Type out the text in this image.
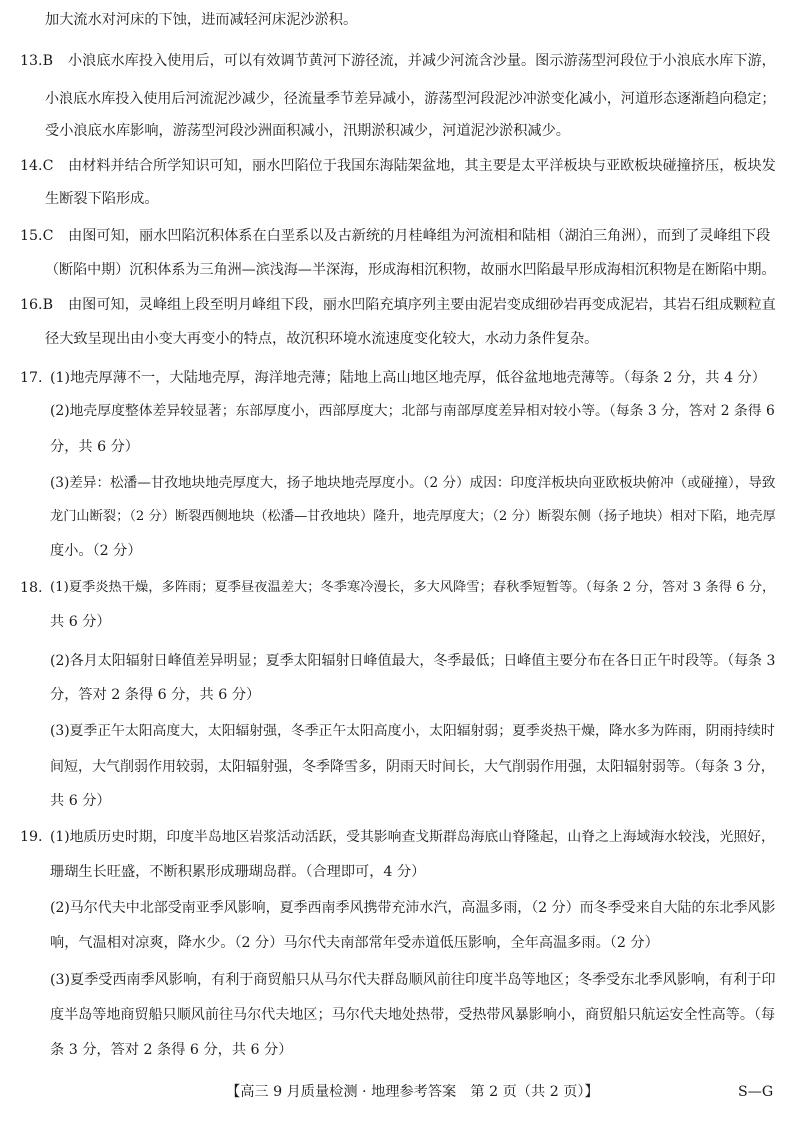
加大流水对河床的下蚀，进而减轻河床泥沙淤积。
13.B 小浪底水库投入使用后，可以有效调节黄河下游径流，并减少河流含沙量。图示游荡型河段位于小浪底水库下游，
小浪底水库投入使用后河流泥沙减少，径流量季节差异减小，游荡型河段泥沙冲淤变化减小，河道形态逐渐趋向稳定；
受小浪底水库影响，游荡型河段沙洲面积减小，汛期淤积减少，河道泥沙淤积减少。
14.C 由材料并结合所学知识可知，丽水凹陷位于我国东海陆架盆地，其主要是太平洋板块与亚欧板块碰撞挤压，板块发
生断裂下陷形成。
15.C 由图可知，丽水凹陷沉积体系在白垩系以及古新统的月桂峰组为河流相和陆相（湖泊三角洲），而到了灵峰组下段
（断陷中期）沉积体系为三角洲—滨浅海—半深海，形成海相沉积物，故丽水凹陷最早形成海相沉积物是在断陷中期。
16.B 由图可知，灵峰组上段至明月峰组下段，丽水凹陷充填序列主要由泥岩变成细砂岩再变成泥岩，其岩石组成颗粒直
径大致呈现出由小变大再变小的特点，故沉积环境水流速度变化较大，水动力条件复杂。
17. (1)地壳厚薄不一，大陆地壳厚，海洋地壳薄；陆地上高山地区地壳厚，低谷盆地地壳薄等。（每条 2 分，共 4 分）
(2)地壳厚度整体差异较显著；东部厚度小，西部厚度大；北部与南部厚度差异相对较小等。（每条 3 分，答对 2 条得 6
分，共 6 分）
(3)差异：松潘—甘孜地块地壳厚度大，扬子地块地壳厚度小。（2 分）成因：印度洋板块向亚欧板块俯冲（或碰撞），导致
龙门山断裂；（2 分）断裂西侧地块（松潘—甘孜地块）隆升，地壳厚度大；（2 分）断裂东侧（扬子地块）相对下陷，地壳厚
度小。（2 分）
18. (1)夏季炎热干燥，多阵雨；夏季昼夜温差大；冬季寒冷漫长，多大风降雪；春秋季短暂等。（每条 2 分，答对 3 条得 6 分，
共 6 分）
(2)各月太阳辐射日峰值差异明显；夏季太阳辐射日峰值最大，冬季最低；日峰值主要分布在各日正午时段等。（每条 3
分，答对 2 条得 6 分，共 6 分）
(3)夏季正午太阳高度大，太阳辐射强，冬季正午太阳高度小，太阳辐射弱；夏季炎热干燥，降水多为阵雨，阴雨持续时
间短，大气削弱作用较弱，太阳辐射强，冬季降雪多，阴雨天时间长，大气削弱作用强，太阳辐射弱等。（每条 3 分，
共 6 分）
19. (1)地质历史时期，印度半岛地区岩浆活动活跃，受其影响查戈斯群岛海底山脊隆起，山脊之上海域海水较浅，光照好，
珊瑚生长旺盛，不断积累形成珊瑚岛群。（合理即可，4 分）
(2)马尔代夫中北部受南亚季风影响，夏季西南季风携带充沛水汽，高温多雨，（2 分）而冬季受来自大陆的东北季风影
响，气温相对凉爽，降水少。（2 分）马尔代夫南部常年受赤道低压影响，全年高温多雨。（2 分）
(3)夏季受西南季风影响，有利于商贸船只从马尔代夫群岛顺风前往印度半岛等地区；冬季受东北季风影响，有利于印
度半岛等地商贸船只顺风前往马尔代夫地区；马尔代夫地处热带，受热带风暴影响小，商贸船只航运安全性高等。（每
条 3 分，答对 2 条得 6 分，共 6 分）
【高三 9 月质量检测 · 地理参考答案　第 2 页（共 2 页）】	S—G
